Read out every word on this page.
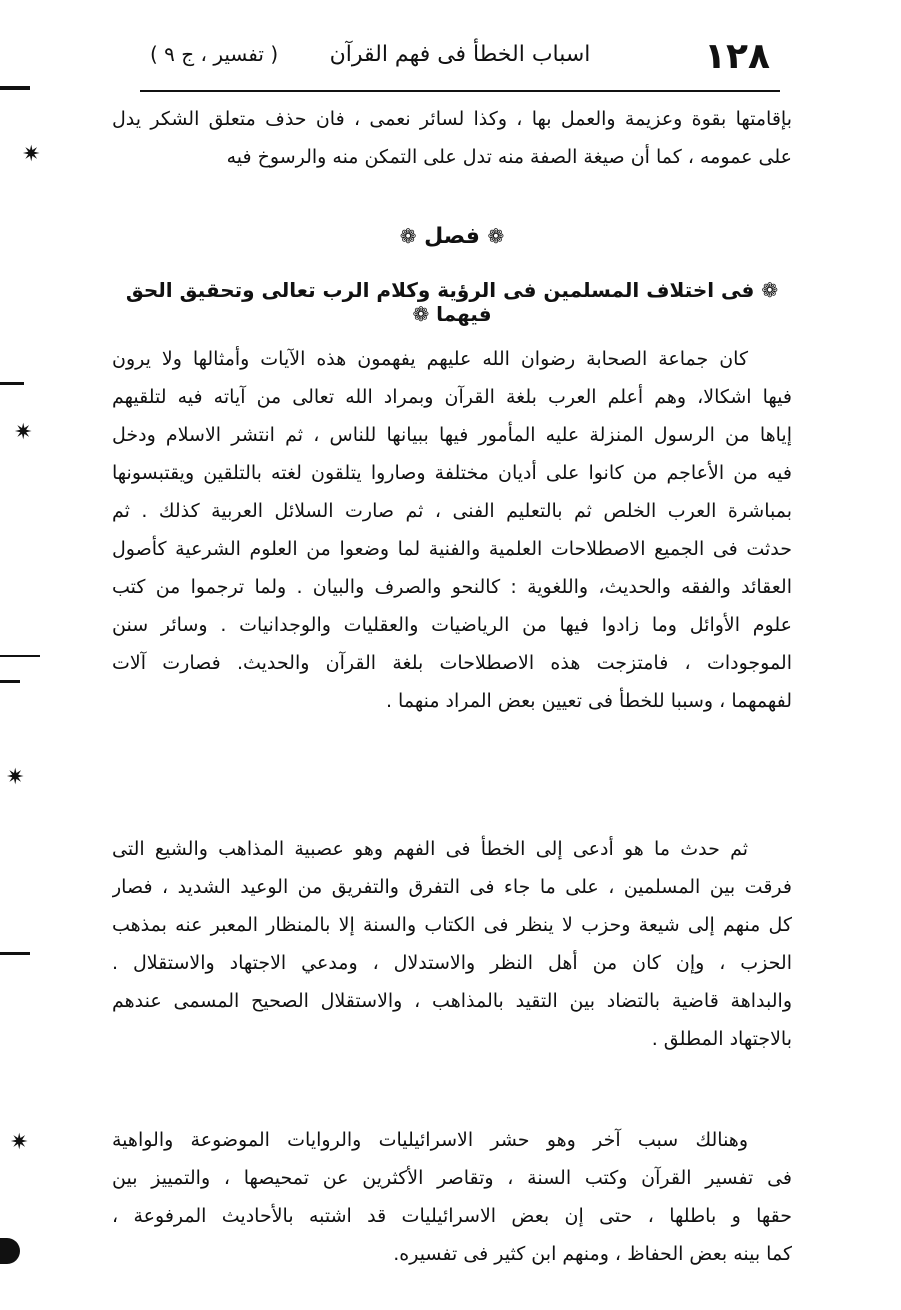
✷
✷
✷
✷
١٢٨
اسباب الخطأ فى فهم القرآن
( تفسير ، ج ٩ )
بإقامتها بقوة وعزيمة والعمل بها ، وكذا لسائر نعمى ، فان حذف متعلق الشكر يدل
على عمومه ، كما أن صيغة الصفة منه تدل على التمكن منه والرسوخ فيه
❁ فصل ❁
❁ فى اختلاف المسلمين فى الرؤية وكلام الرب تعالى وتحقيق الحق فيهما ❁
كان جماعة الصحابة رضوان الله عليهم يفهمون هذه الآيات وأمثالها ولا يرون
فيها اشكالا، وهم أعلم العرب بلغة القرآن وبمراد الله تعالى من آياته فيه لتلقيهم
إياها من الرسول المنزلة عليه المأمور فيها ببيانها للناس ، ثم انتشر الاسلام ودخل
فيه من الأعاجم من كانوا على أديان مختلفة وصاروا يتلقون لغته بالتلقين ويقتبسونها
بمباشرة العرب الخلص ثم بالتعليم الفنى ، ثم صارت السلائل العربية كذلك . ثم
حدثت فى الجميع الاصطلاحات العلمية والفنية لما وضعوا من العلوم الشرعية كأصول
العقائد والفقه والحديث، واللغوية : كالنحو والصرف والبيان . ولما ترجموا من كتب
علوم الأوائل وما زادوا فيها من الرياضيات والعقليات والوجدانيات . وسائر سنن
الموجودات ، فامتزجت هذه الاصطلاحات بلغة القرآن والحديث. فصارت آلات
لفهمهما ، وسببا للخطأ فى تعيين بعض المراد منهما .
ثم حدث ما هو أدعى إلى الخطأ فى الفهم وهو عصبية المذاهب والشيع التى
فرقت بين المسلمين ، على ما جاء فى التفرق والتفريق من الوعيد الشديد ، فصار
كل منهم إلى شيعة وحزب لا ينظر فى الكتاب والسنة إلا بالمنظار المعبر عنه بمذهب
الحزب ، وإن كان من أهل النظر والاستدلال ، ومدعي الاجتهاد والاستقلال .
والبداهة قاضية بالتضاد بين التقيد بالمذاهب ، والاستقلال الصحيح المسمى عندهم
بالاجتهاد المطلق .
وهنالك سبب آخر وهو حشر الاسرائيليات والروايات الموضوعة والواهية
فى تفسير القرآن وكتب السنة ، وتقاصر الأكثرين عن تمحيصها ، والتمييز بين
حقها و باطلها ، حتى إن بعض الاسرائيليات قد اشتبه بالأحاديث المرفوعة ،
كما بينه بعض الحفاظ ، ومنهم ابن كثير فى تفسيره.
